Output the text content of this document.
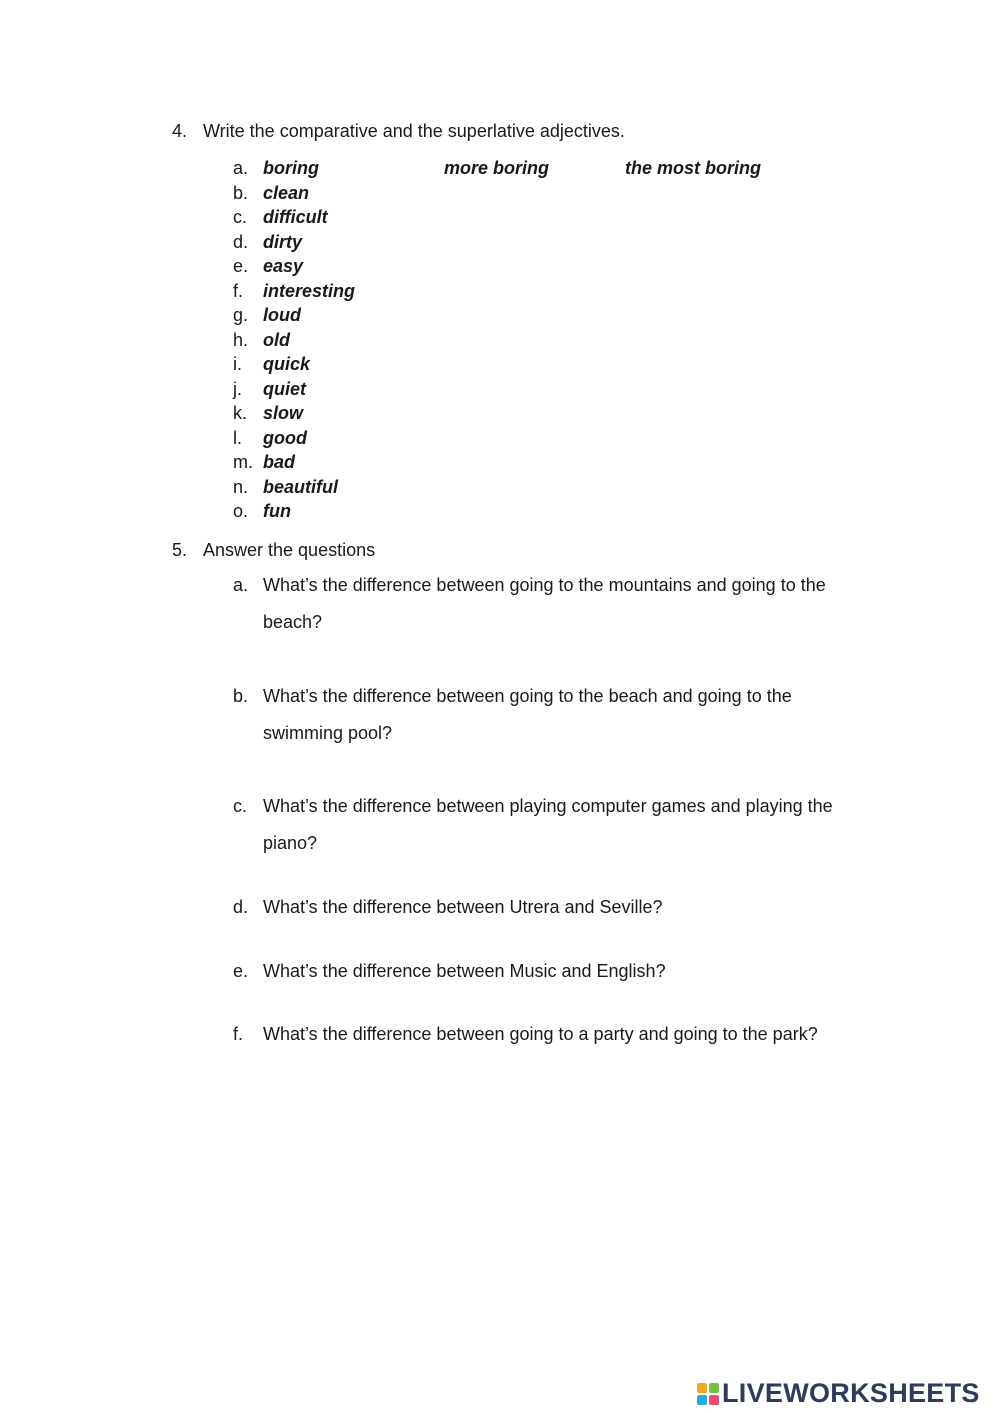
4. Write the comparative and the superlative adjectives.
a. boring	more boring	the most boring
b. clean
c. difficult
d. dirty
e. easy
f.	interesting
g. loud
h. old
i.	quick
j.	quiet
k. slow
l.	good
m. bad
n. beautiful
o. fun
5. Answer the questions
a. What’s the difference between going to the mountains and going to the beach?
b. What’s the difference between going to the beach and going to the swimming pool?
c. What’s the difference between playing computer games and playing the piano?
d. What’s the difference between Utrera and Seville?
e. What’s the difference between Music and English?
f.	What’s the difference between going to a party and going to the park?
LIVEWORKSHEETS
